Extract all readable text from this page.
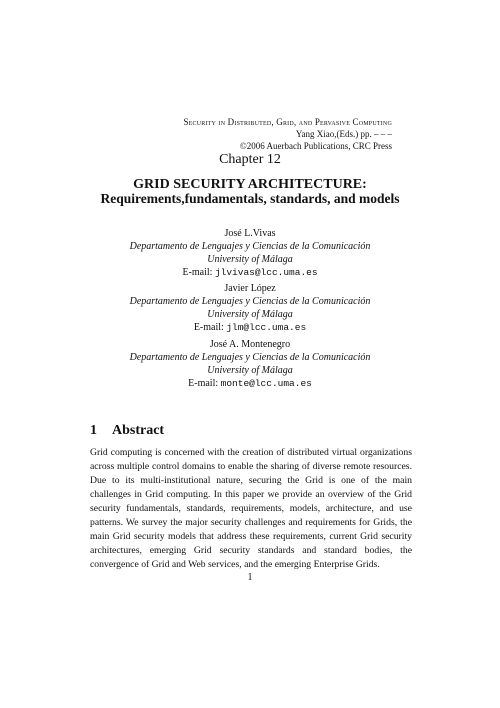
Security in Distributed, Grid, and Pervasive Computing
Yang Xiao,(Eds.) pp. – – –
©2006 Auerbach Publications, CRC Press
Chapter 12
GRID SECURITY ARCHITECTURE:
Requirements,fundamentals, standards, and models
José L.Vivas
Departamento de Lenguajes y Ciencias de la Comunicación
University of Málaga
E-mail: jlvivas@lcc.uma.es
Javier López
Departamento de Lenguajes y Ciencias de la Comunicación
University of Málaga
E-mail: jlm@lcc.uma.es
José A. Montenegro
Departamento de Lenguajes y Ciencias de la Comunicación
University of Málaga
E-mail: monte@lcc.uma.es
1 Abstract
Grid computing is concerned with the creation of distributed virtual organizations across multiple control domains to enable the sharing of diverse remote resources. Due to its multi-institutional nature, securing the Grid is one of the main challenges in Grid computing. In this paper we provide an overview of the Grid security fundamentals, standards, requirements, models, architecture, and use patterns. We survey the major security challenges and requirements for Grids, the main Grid security models that address these requirements, current Grid security architectures, emerging Grid security standards and standard bodies, the convergence of Grid and Web services, and the emerging Enterprise Grids.
1
